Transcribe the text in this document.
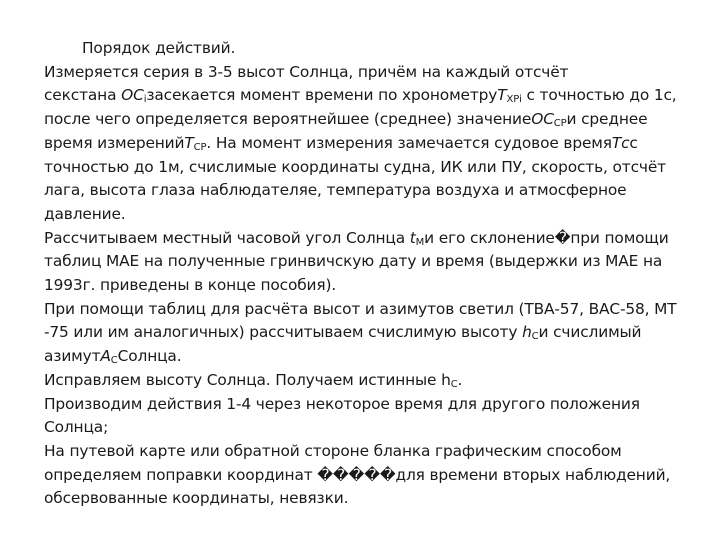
Порядок действий.

Измеряется серия в 3-5 высот Солнца, причём на каждый отсчёт
секстана $ОС_iзасекается$ момент времени по хронометруТ$_{ХРi}$ с точностью до 1с,
после чего определяется вероятнейшее (среднее) значениеОС$_{СР}$и среднее
время измеренийТ$_{СР}$. На момент измерения замечается судовое времяТсс
точностью до 1м, счислимые координаты судна, ИК или ПУ, скорость, отсчёт
лага, высота глаза наблюдателяе, температура воздуха и атмосферное
давление.

Рассчитываем местный часовой угол Солнца $t_Ми$ его склонение�при помощи
таблиц МАЕ на полученные гринвичскую дату и время (выдержки из МАЕ на
1993г. приведены в конце пособия).

При помощи таблиц для расчёта высот и азимутов светил (ТВА-57, ВАС-58, МТ
-75 или им аналогичных) рассчитываем счислимую высоту $h_Си$ счислимый
азимутА$_С$Солнца.

Исправляем высоту Солнца. Получаем истинные $h_С$.

Производим действия 1-4 через некоторое время для другого положения
Солнца;

На путевой карте или обратной стороне бланка графическим способом
определяем поправки координат �����для времени вторых наблюдений,
обсервованные координаты, невязки.
